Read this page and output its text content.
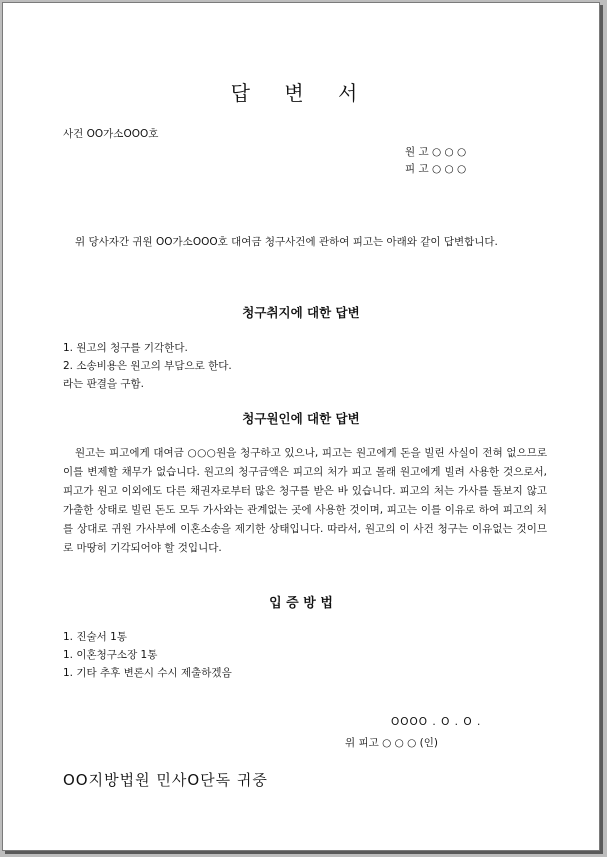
답 변 서
사건 OO가소OOO호
원 고 ○ ○ ○
피 고 ○ ○ ○
위 당사자간 귀원 OO가소OOO호 대여금 청구사건에 관하여 피고는 아래와 같이 답변합니다.
청구취지에 대한 답변
1. 원고의 청구를 기각한다.
2. 소송비용은 원고의 부담으로 한다.
라는 판결을 구함.
청구원인에 대한 답변
원고는 피고에게 대여금 ○○○원을 청구하고 있으나, 피고는 원고에게 돈을 빌린 사실이 전혀 없으므로 이를 변제할 채무가 없습니다. 원고의 청구금액은 피고의 처가 피고 몰래 원고에게 빌려 사용한 것으로서, 피고가 원고 이외에도 다른 채권자로부터 많은 청구를 받은 바 있습니다. 피고의 처는 가사를 돌보지 않고 가출한 상태로 빌린 돈도 모두 가사와는 관계없는 곳에 사용한 것이며, 피고는 이를 이유로 하여 피고의 처를 상대로 귀원 가사부에 이혼소송을 제기한 상태입니다. 따라서, 원고의 이 사건 청구는 이유없는 것이므로 마땅히 기각되어야 할 것입니다.
입 증 방 법
1. 진술서 1통
1. 이혼청구소장 1통
1. 기타 추후 변론시 수시 제출하겠음
OOOO . O . O .
위 피고 ○ ○ ○ (인)
OO지방법원 민사O단독 귀중
